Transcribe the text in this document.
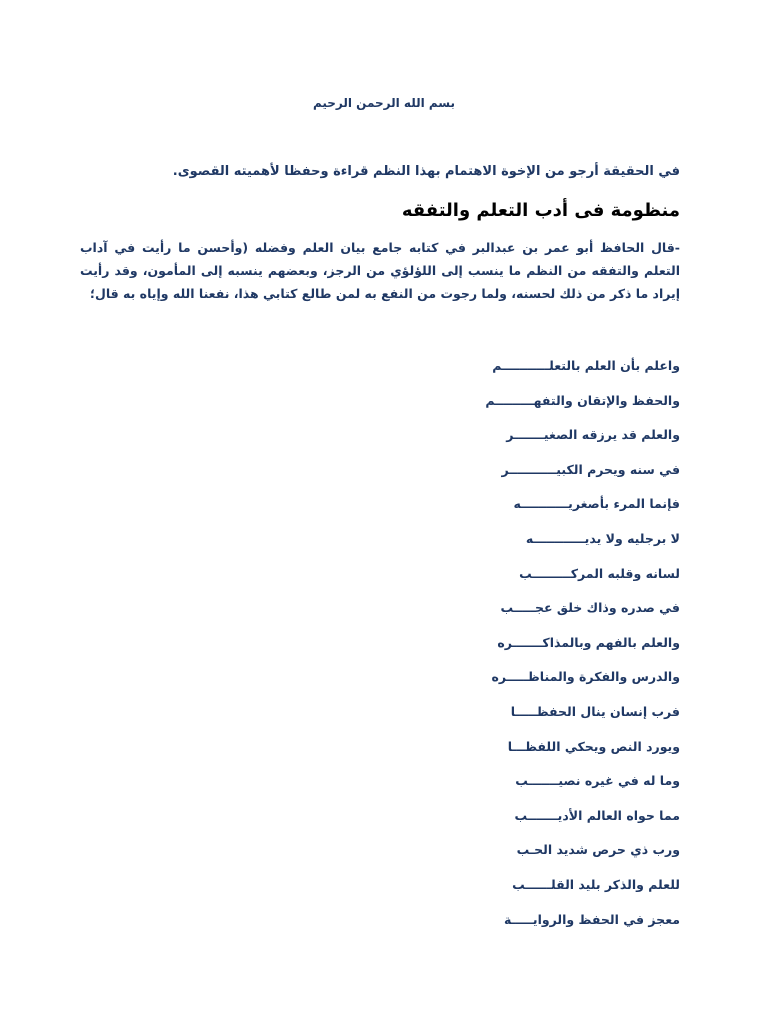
بسم الله الرحمن الرحيم
في الحقيقة أرجو من الإخوة الاهتمام بهذا النظم قراءة وحفظا لأهميته القصوى.
منظومة فى أدب التعلم والتفقه
-قال الحافظ أبو عمر بن عبدالبر في كتابه جامع بيان العلم وفضله (وأحسن ما رأيت في آداب التعلم والتفقه من النظم ما ينسب إلى اللؤلؤي من الرجز، وبعضهم ينسبه إلى المأمون، وقد رأيت إيراد ما ذكر من ذلك لحسنه، ولما رجوت من النفع به لمن طالع كتابي هذا، نفعنا الله وإياه به قال؛
واعلم بأن العلم بالتعلـــــــــــم
والحفظ والإتقان والتفهـــــــــم
والعلم قد يرزقه الصغيـــــــر
في سنه ويحرم الكبيـــــــــــر
فإنما المرء بأصغريـــــــــــه
لا برجليه ولا يديــــــــــــه
لسانه وقلبه المركـــــــــب
في صدره وذاك خلق عجـــــب
والعلم بالفهم وبالمذاكـــــــره
والدرس والفكرة والمناظـــــره
فرب إنسان ينال الحفظـــــا
ويورد النص ويحكي اللفظـــا
وما له في غيره نصيـــــــب
مما حواه العالم الأديـــــــب
ورب ذي حرص شديد الحـب
للعلم والذكر بليد القلــــــب
معجز في الحفظ والروايـــــة
